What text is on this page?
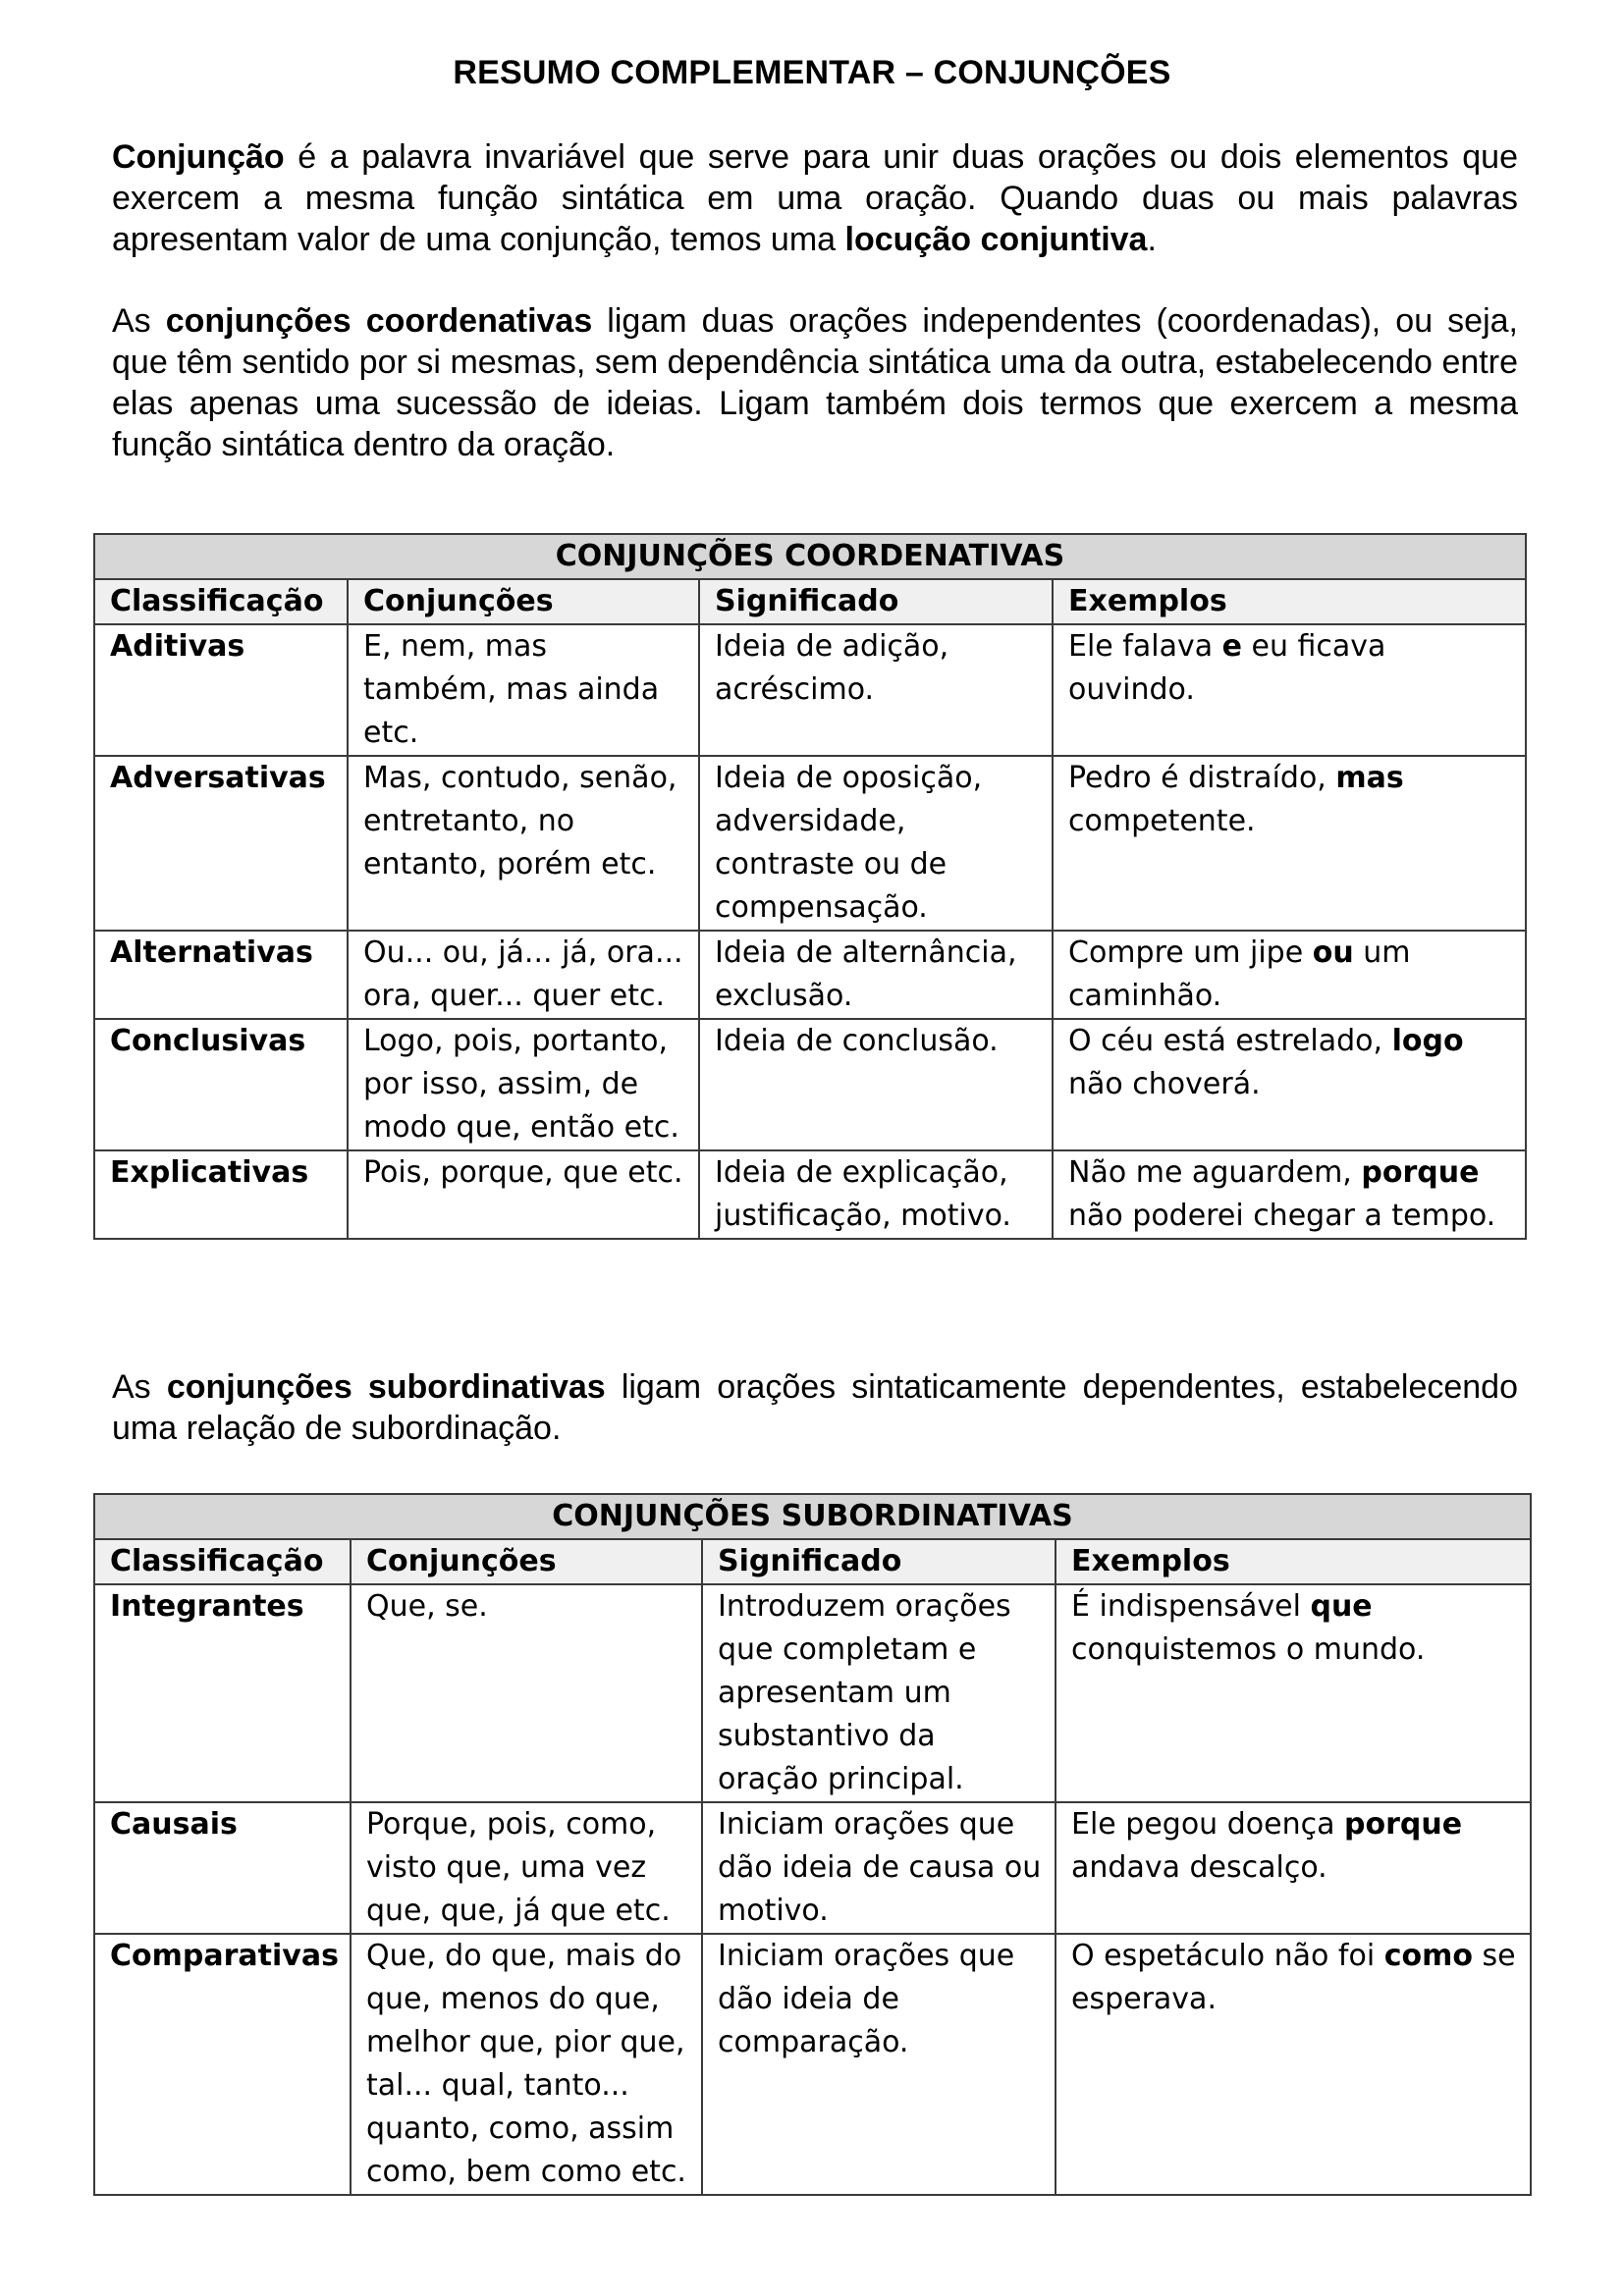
RESUMO COMPLEMENTAR – CONJUNÇÕES

Conjunção é a palavra invariável que serve para unir duas orações ou dois elementos que exercem a mesma função sintática em uma oração. Quando duas ou mais palavras apresentam valor de uma conjunção, temos uma locução conjuntiva.

As conjunções coordenativas ligam duas orações independentes (coordenadas), ou seja, que têm sentido por si mesmas, sem dependência sintática uma da outra, estabelecendo entre elas apenas uma sucessão de ideias. Ligam também dois termos que exercem a mesma função sintática dentro da oração.

CONJUNÇÕES COORDENATIVAS			
Classificação	Conjunções	Significado	Exemplos
Aditivas	E, nem, mas também, mas ainda etc.	Ideia de adição, acréscimo.	Ele falava e eu ficava ouvindo.
Adversativas	Mas, contudo, senão, entretanto, no entanto, porém etc.	Ideia de oposição, adversidade, contraste ou de compensação.	Pedro é distraído, mas competente.
Alternativas	Ou... ou, já... já, ora... ora, quer... quer etc.	Ideia de alternância, exclusão.	Compre um jipe ou um caminhão.
Conclusivas	Logo, pois, portanto, por isso, assim, de modo que, então etc.	Ideia de conclusão.	O céu está estrelado, logo não choverá.
Explicativas	Pois, porque, que etc.	Ideia de explicação, justificação, motivo.	Não me aguardem, porque não poderei chegar a tempo.

As conjunções subordinativas ligam orações sintaticamente dependentes, estabelecendo uma relação de subordinação.

CONJUNÇÕES SUBORDINATIVAS			
Classificação	Conjunções	Significado	Exemplos
Integrantes	Que, se.	Introduzem orações que completam e apresentam um substantivo da oração principal.	É indispensável que conquistemos o mundo.
Causais	Porque, pois, como, visto que, uma vez que, que, já que etc.	Iniciam orações que dão ideia de causa ou motivo.	Ele pegou doença porque andava descalço.
Comparativas	Que, do que, mais do que, menos do que, melhor que, pior que, tal... qual, tanto... quanto, como, assim como, bem como etc.	Iniciam orações que dão ideia de comparação.	O espetáculo não foi como se esperava.
